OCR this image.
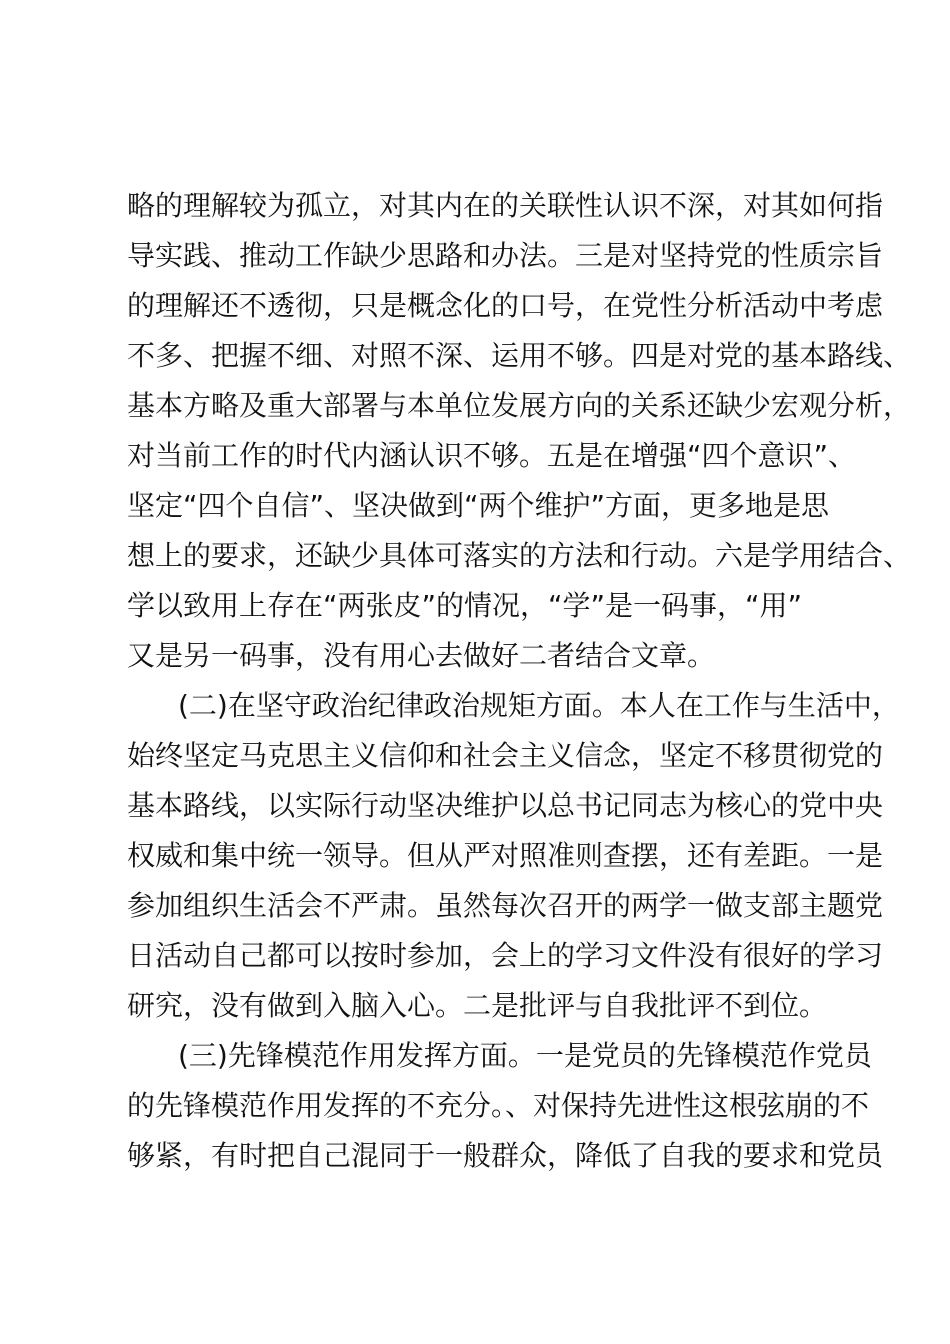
略的理解较为孤立，对其内在的关联性认识不深，对其如何指
导实践、推动工作缺少思路和办法。三是对坚持党的性质宗旨
的理解还不透彻，只是概念化的口号，在党性分析活动中考虑
不多、把握不细、对照不深、运用不够。四是对党的基本路线、
基本方略及重大部署与本单位发展方向的关系还缺少宏观分析，
对当前工作的时代内涵认识不够。五是在增强“四个意识”、
坚定“四个自信”、坚决做到“两个维护”方面，更多地是思
想上的要求，还缺少具体可落实的方法和行动。六是学用结合、
学以致用上存在“两张皮”的情况，“学”是一码事，“用”
又是另一码事，没有用心去做好二者结合文章。
(二)在坚守政治纪律政治规矩方面。本人在工作与生活中，
始终坚定马克思主义信仰和社会主义信念，坚定不移贯彻党的
基本路线，以实际行动坚决维护以总书记同志为核心的党中央
权威和集中统一领导。但从严对照准则查摆，还有差距。一是
参加组织生活会不严肃。虽然每次召开的两学一做支部主题党
日活动自己都可以按时参加，会上的学习文件没有很好的学习
研究，没有做到入脑入心。二是批评与自我批评不到位。
(三)先锋模范作用发挥方面。一是党员的先锋模范作党员
的先锋模范作用发挥的不充分。、对保持先进性这根弦崩的不
够紧，有时把自己混同于一般群众，降低了自我的要求和党员
